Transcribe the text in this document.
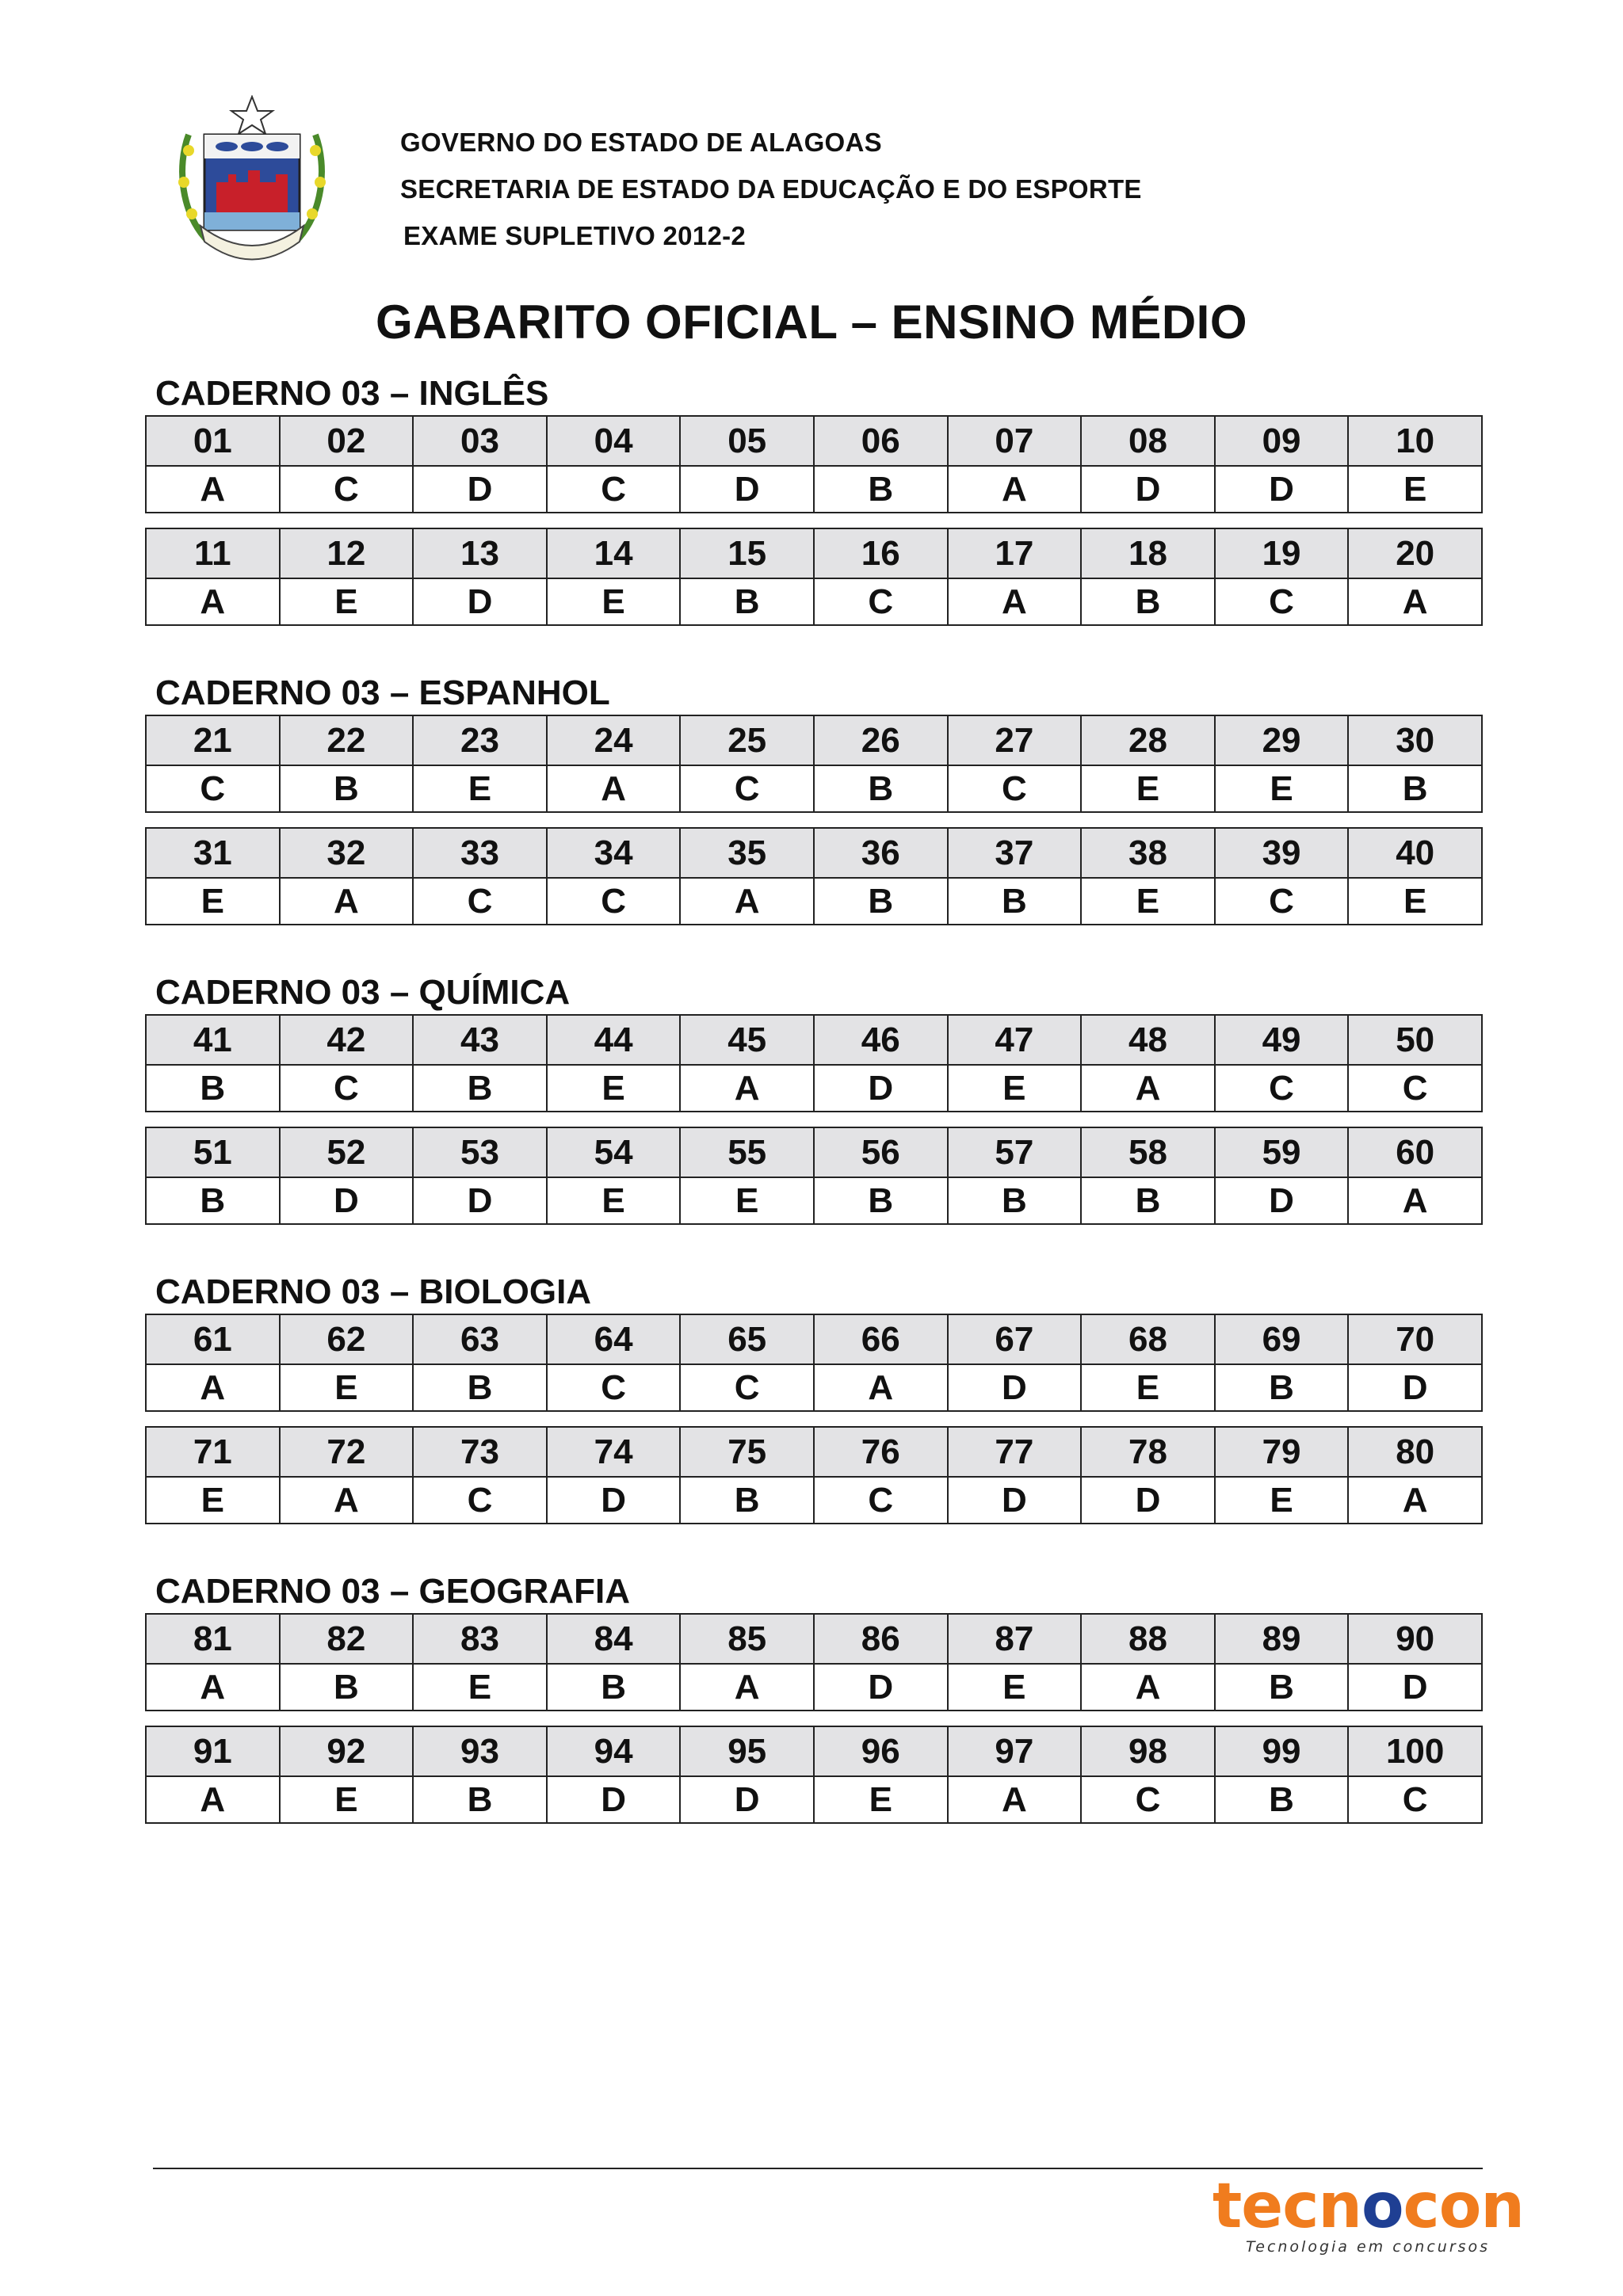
GOVERNO DO ESTADO DE ALAGOAS
SECRETARIA DE ESTADO DA EDUCAÇÃO E DO ESPORTE
EXAME SUPLETIVO 2012-2
GABARITO OFICIAL – ENSINO MÉDIO
CADERNO 03 – INGLÊS
01	02	03	04	05	06	07	08	09	10
A	C	D	C	D	B	A	D	D	E
11	12	13	14	15	16	17	18	19	20
A	E	D	E	B	C	A	B	C	A
CADERNO 03 – ESPANHOL
21	22	23	24	25	26	27	28	29	30
C	B	E	A	C	B	C	E	E	B
31	32	33	34	35	36	37	38	39	40
E	A	C	C	A	B	B	E	C	E
CADERNO 03 – QUÍMICA
41	42	43	44	45	46	47	48	49	50
B	C	B	E	A	D	E	A	C	C
51	52	53	54	55	56	57	58	59	60
B	D	D	E	E	B	B	B	D	A
CADERNO 03 – BIOLOGIA
61	62	63	64	65	66	67	68	69	70
A	E	B	C	C	A	D	E	B	D
71	72	73	74	75	76	77	78	79	80
E	A	C	D	B	C	D	D	E	A
CADERNO 03 – GEOGRAFIA
81	82	83	84	85	86	87	88	89	90
A	B	E	B	A	D	E	A	B	D
91	92	93	94	95	96	97	98	99	100
A	E	B	D	D	E	A	C	B	C
tecnocon
Tecnologia em concursos
